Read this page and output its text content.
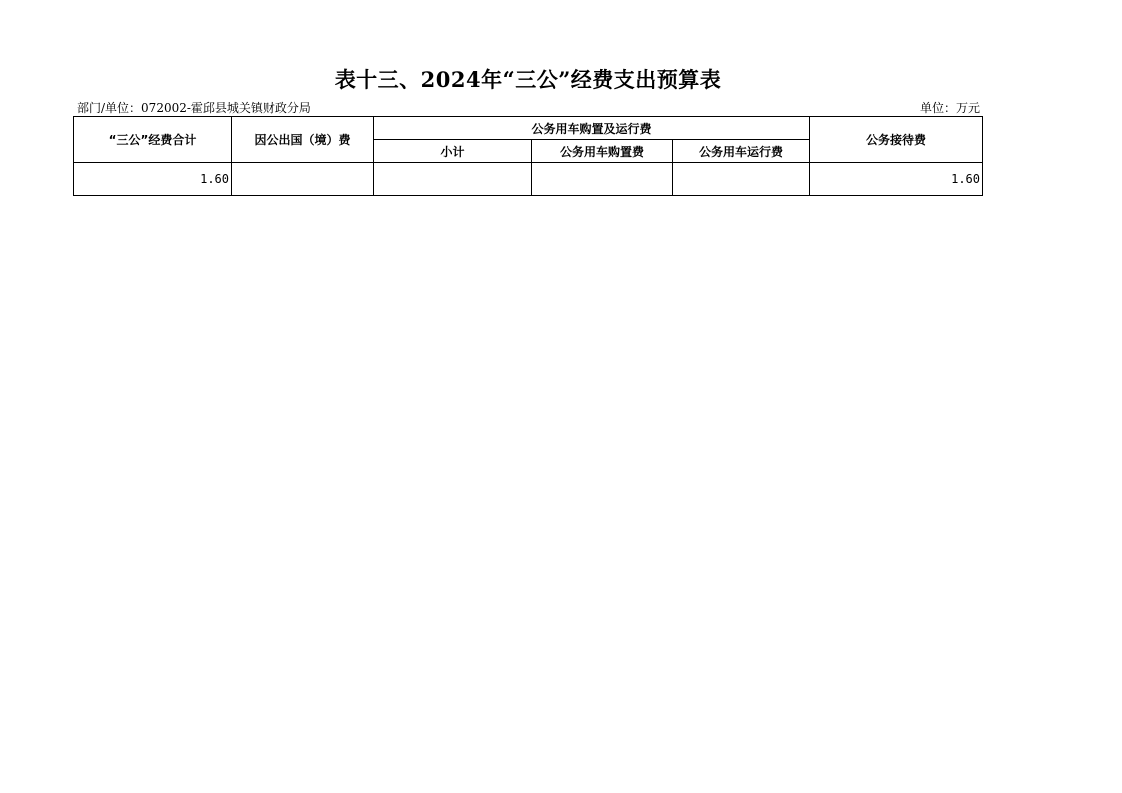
表十三、2024年“三公”经费支出预算表
部门/单位：072002-霍邱县城关镇财政分局	单位：万元
“三公”经费合计	因公出国（境）费	公务用车购置及运行费			公务接待费
		小计	公务用车购置费	公务用车运行费	
1.60					1.60
